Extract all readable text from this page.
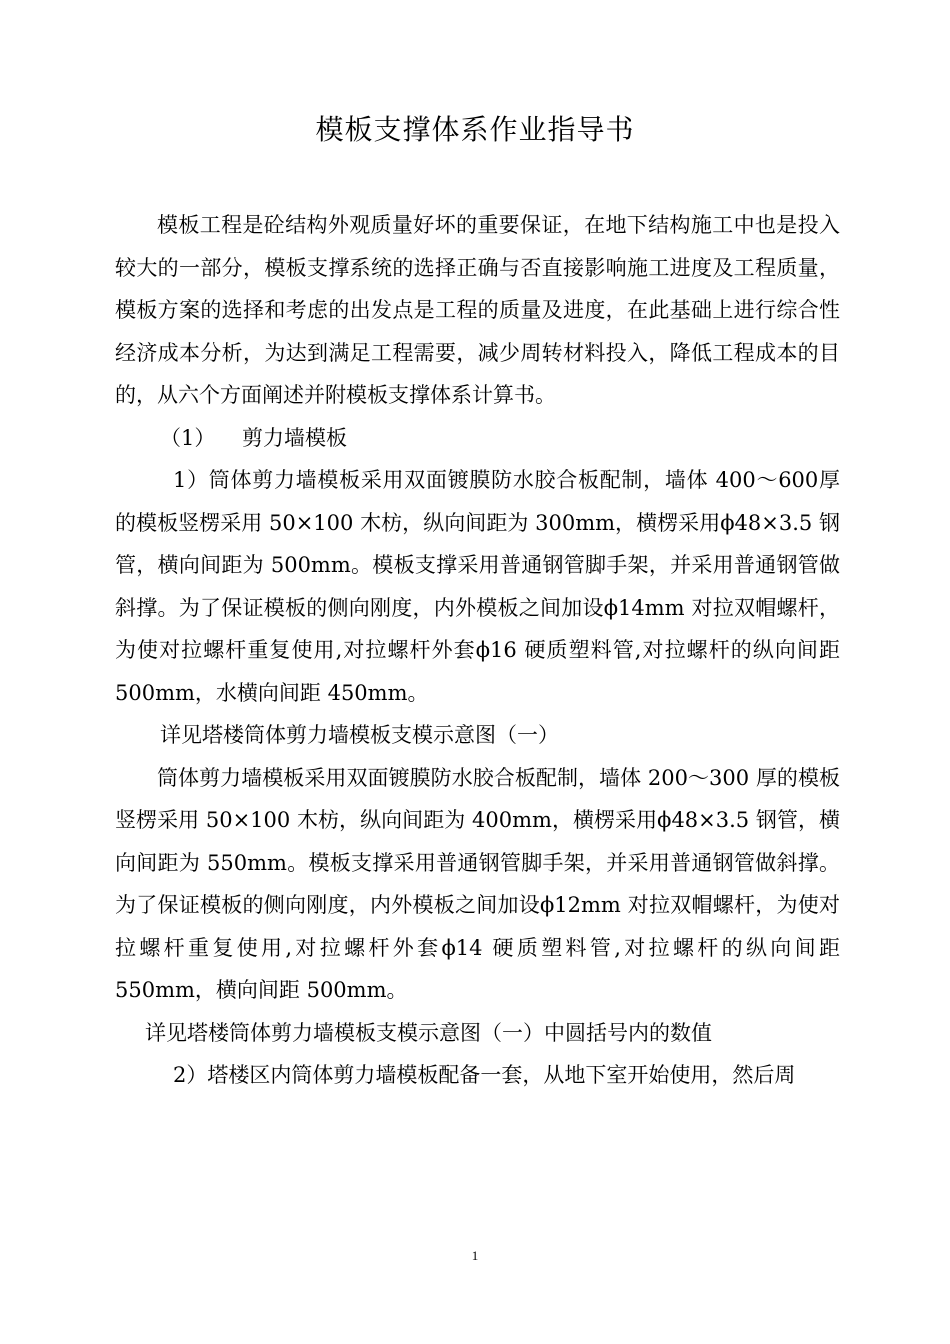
模板支撑体系作业指导书

模板工程是砼结构外观质量好坏的重要保证，在地下结构施工中也是投入较大的一部分，模板支撑系统的选择正确与否直接影响施工进度及工程质量，模板方案的选择和考虑的出发点是工程的质量及进度，在此基础上进行综合性经济成本分析，为达到满足工程需要，减少周转材料投入，降低工程成本的目的，从六个方面阐述并附模板支撑体系计算书。

（1） 剪力墙模板

1）筒体剪力墙模板采用双面镀膜防水胶合板配制，墙体 400～600厚的模板竖楞采用 50×100 木枋，纵向间距为 300mm，横楞采用ϕ48×3.5 钢管，横向间距为 500mm。模板支撑采用普通钢管脚手架，并采用普通钢管做斜撑。为了保证模板的侧向刚度，内外模板之间加设ϕ14mm 对拉双帽螺杆，为使对拉螺杆重复使用,对拉螺杆外套ϕ16 硬质塑料管,对拉螺杆的纵向间距 500mm，水横向间距 450mm。

详见塔楼筒体剪力墙模板支模示意图（一）

筒体剪力墙模板采用双面镀膜防水胶合板配制，墙体 200～300 厚的模板竖楞采用 50×100 木枋，纵向间距为 400mm，横楞采用ϕ48×3.5 钢管，横向间距为 550mm。模板支撑采用普通钢管脚手架，并采用普通钢管做斜撑。为了保证模板的侧向刚度，内外模板之间加设ϕ12mm 对拉双帽螺杆，为使对拉螺杆重复使用,对拉螺杆外套ϕ14 硬质塑料管,对拉螺杆的纵向间距550mm，横向间距 500mm。

详见塔楼筒体剪力墙模板支模示意图（一）中圆括号内的数值

2）塔楼区内筒体剪力墙模板配备一套，从地下室开始使用，然后周

1
